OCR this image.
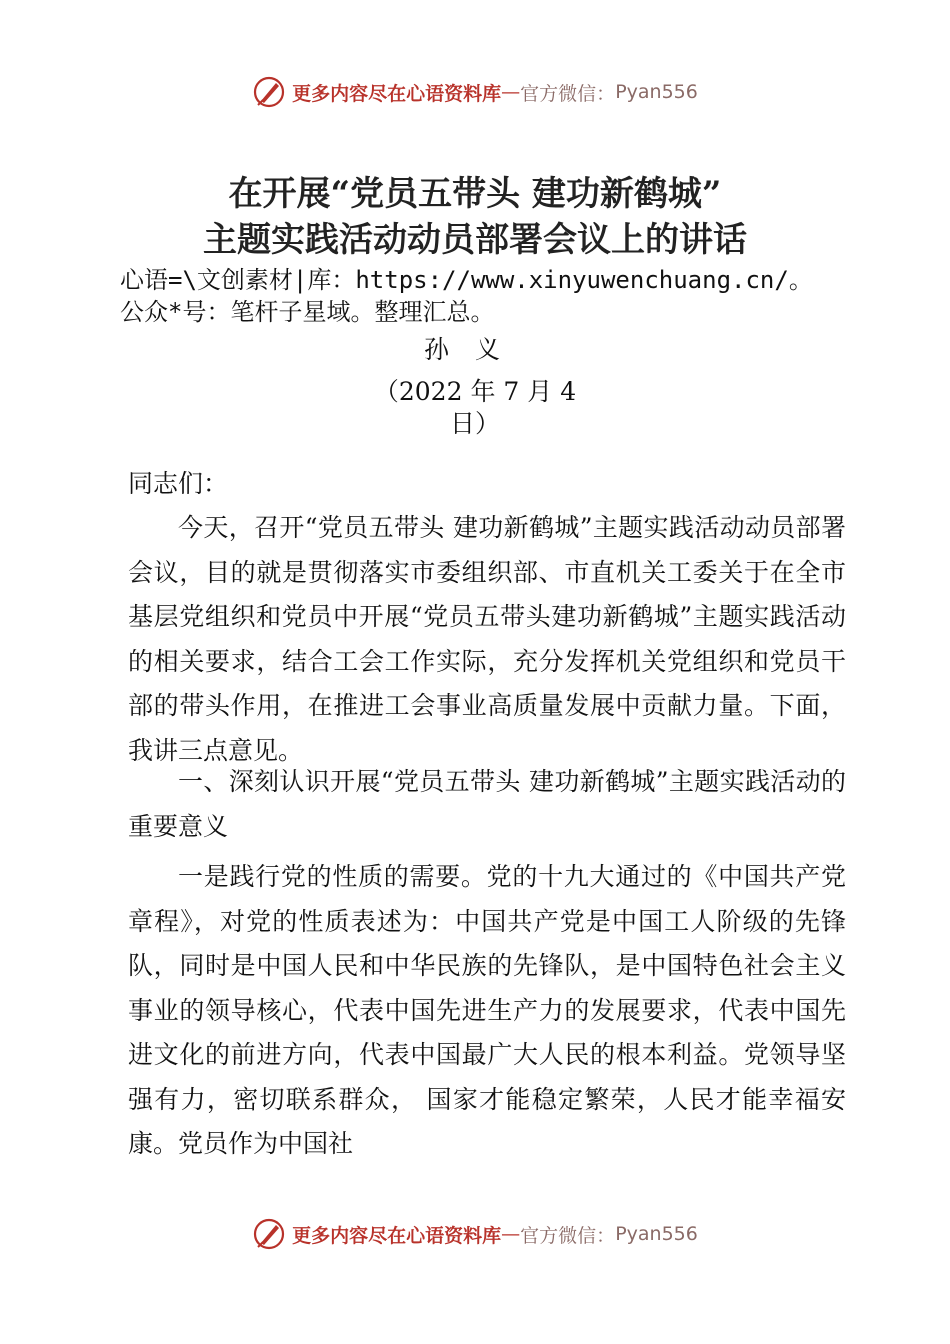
更多内容尽在心语资料库 — 官方微信： Pyan556
在开展“党员五带头 建功新鹤城”
主题实践活动动员部署会议上的讲话
心语=\文创素材|库：https://www.xinyuwenchuang.cn/。
公众*号：笔杆子星域。整理汇总。
孙义
（2022 年 7 月 4
日）
同志们：

今天，召开“党员五带头 建功新鹤城”主题实践活动动员部署会议，目的就是贯彻落实市委组织部、市直机关工委关于在全市基层党组织和党员中开展“党员五带头建功新鹤城”主题实践活动的相关要求，结合工会工作实际，充分发挥机关党组织和党员干部的带头作用，在推进工会事业高质量发展中贡献力量。下面，我讲三点意见。

一、深刻认识开展“党员五带头 建功新鹤城”主题实践活动的重要意义

一是践行党的性质的需要。党的十九大通过的《中国共产党章程》，对党的性质表述为：中国共产党是中国工人阶级的先锋队，同时是中国人民和中华民族的先锋队，是中国特色社会主义事业的领导核心，代表中国先进生产力的发展要求，代表中国先进文化的前进方向，代表中国最广大人民的根本利益。党领导坚强有力，密切联系群众， 国家才能稳定繁荣，人民才能幸福安康。党员作为中国社

更多内容尽在心语资料库 — 官方微信： Pyan556
